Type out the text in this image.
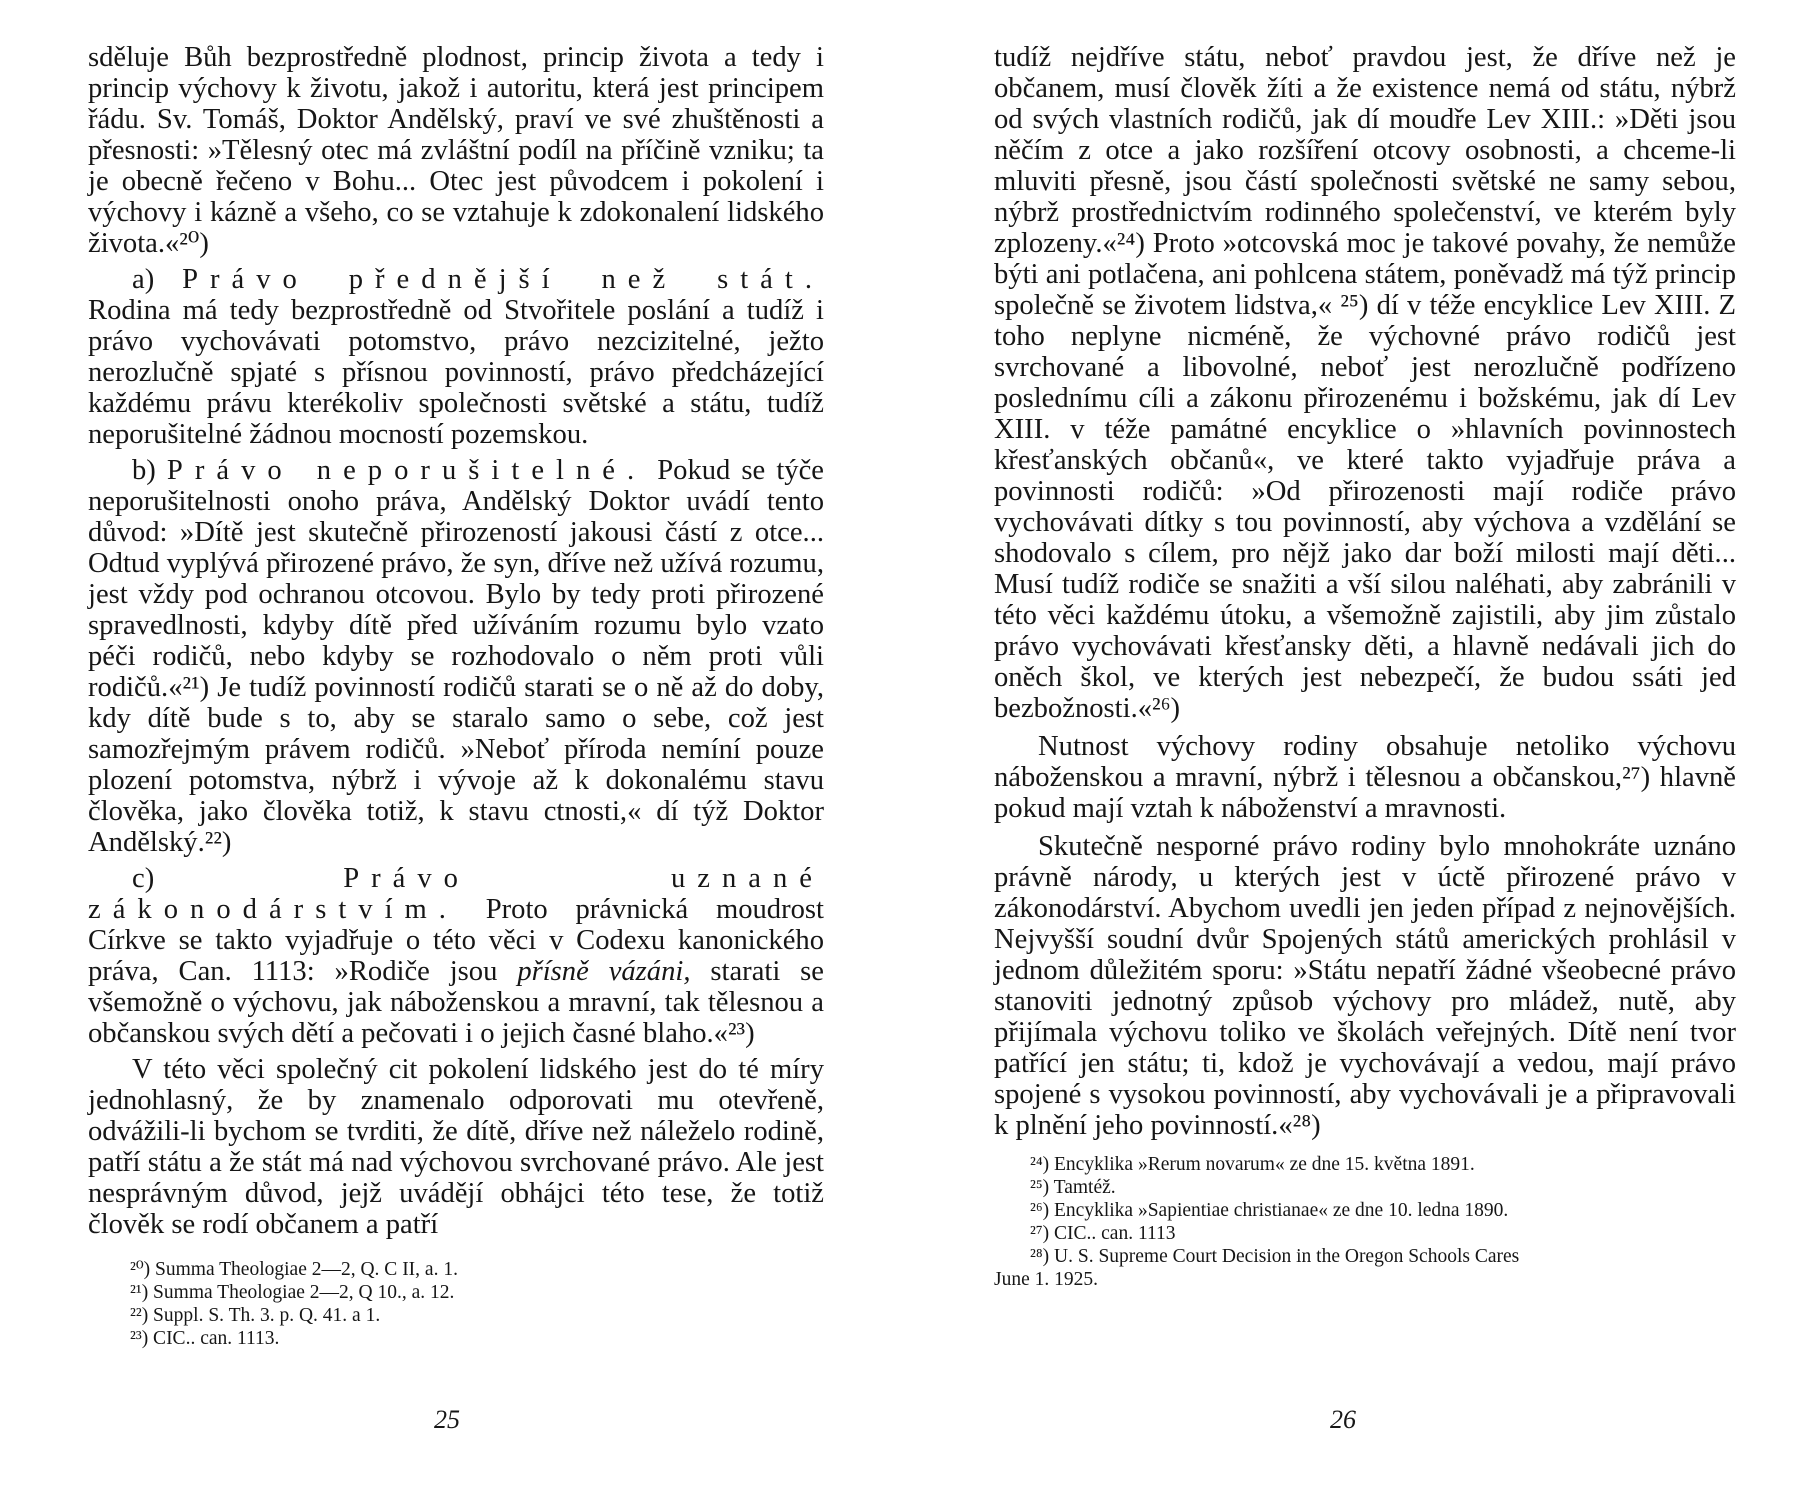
sděluje Bůh bezprostředně plodnost, princip života a tedy i princip výchovy k životu, jakož i autoritu, která jest principem řádu. Sv. Tomáš, Doktor Andělský, praví ve své zhuštěnosti a přesnosti: »Tělesný otec má zvláštní podíl na příčině vzniku; ta je obecně řečeno v Bohu... Otec jest původcem i pokolení i výchovy i kázně a všeho, co se vztahuje k zdokonalení lidského života.«²⁰)

a) Právo přednější než stát. Rodina má tedy bezprostředně od Stvořitele poslání a tudíž i právo vychovávati potomstvo, právo nezcizitelné, ježto nerozlučně spjaté s přísnou povinností, právo předcházející každému právu kterékoliv společnosti světské a státu, tudíž neporušitelné žádnou mocností pozemskou.

b) Právo neporušitelné. Pokud se týče neporušitelnosti onoho práva, Andělský Doktor uvádí tento důvod: »Dítě jest skutečně přirozeností jakousi částí z otce... Odtud vyplývá přirozené právo, že syn, dříve než užívá rozumu, jest vždy pod ochranou otcovou. Bylo by tedy proti přirozené spravedlnosti, kdyby dítě před užíváním rozumu bylo vzato péči rodičů, nebo kdyby se rozhodovalo o něm proti vůli rodičů.«²¹) Je tudíž povinností rodičů starati se o ně až do doby, kdy dítě bude s to, aby se staralo samo o sebe, což jest samozřejmým právem rodičů. »Neboť příroda nemíní pouze plození potomstva, nýbrž i vývoje až k dokonalému stavu člověka, jako člověka totiž, k stavu ctnosti,« dí týž Doktor Andělský.²²)

c)	Právo uznané zákonodárstvím. Proto právnická moudrost Církve se takto vyjadřuje o této věci v Codexu kanonického práva, Can. 1113: »Rodiče jsou přísně vázáni, starati se všemožně o výchovu, jak náboženskou a mravní, tak tělesnou a občanskou svých dětí a pečovati i o jejich časné blaho.«²³)

V této věci společný cit pokolení lidského jest do té míry jednohlasný, že by znamenalo odporovati mu otevřeně, odvážili-li bychom se tvrditi, že dítě, dříve než náleželo rodině, patří státu a že stát má nad výchovou svrchované právo. Ale jest nesprávným důvod, jejž uvádějí obhájci této tese, že totiž člověk se rodí občanem a patří

²⁰) Summa Theologiae 2—2, Q. C II, a. 1.
²¹) Summa Theologiae 2—2, Q 10., a. 12.
²²) Suppl. S. Th. 3. p. Q. 41. a 1.
²³) CIC.. can. 1113.

tudíž nejdříve státu, neboť pravdou jest, že dříve než je občanem, musí člověk žíti a že existence nemá od státu, nýbrž od svých vlastních rodičů, jak dí moudře Lev XIII.: »Děti jsou něčím z otce a jako rozšíření otcovy osobnosti, a chceme-li mluviti přesně, jsou částí společnosti světské ne samy sebou, nýbrž prostřednictvím rodinného společenství, ve kterém byly zplozeny.«²⁴) Proto »otcovská moc je takové povahy, že nemůže býti ani potlačena, ani pohlcena státem, poněvadž má týž princip společně se životem lidstva,« ²⁵) dí v téže encyklice Lev XIII. Z toho neplyne nicméně, že výchovné právo rodičů jest svrchované a libovolné, neboť jest nerozlučně podřízeno poslednímu cíli a zákonu přirozenému i božskému, jak dí Lev XIII. v téže památné encyklice o »hlavních povinnostech křesťanských občanů«, ve které takto vyjadřuje práva a povinnosti rodičů: »Od přirozenosti mají rodiče právo vychovávati dítky s tou povinností, aby výchova a vzdělání se shodovalo s cílem, pro nějž jako dar boží milosti mají děti... Musí tudíž rodiče se snažiti a vší silou naléhati, aby zabránili v této věci každému útoku, a všemožně zajistili, aby jim zůstalo právo vychovávati křesťansky děti, a hlavně nedávali jich do oněch škol, ve kterých jest nebezpečí, že budou ssáti jed bezbožnosti.«²⁶)

Nutnost výchovy rodiny obsahuje netoliko výchovu náboženskou a mravní, nýbrž i tělesnou a občanskou,²⁷) hlavně pokud mají vztah k náboženství a mravnosti.

Skutečně nesporné právo rodiny bylo mnohokráte uznáno právně národy, u kterých jest v úctě přirozené právo v zákonodárství. Abychom uvedli jen jeden případ z nejnovějších. Nejvyšší soudní dvůr Spojených států amerických prohlásil v jednom důležitém sporu: »Státu nepatří žádné všeobecné právo stanoviti jednotný způsob výchovy pro mládež, nutě, aby přijímala výchovu toliko ve školách veřejných. Dítě není tvor patřící jen státu; ti, kdož je vychovávají a vedou, mají právo spojené s vysokou povinností, aby vychovávali je a připravovali k plnění jeho povinností.«²⁸)

²⁴) Encyklika »Rerum novarum« ze dne 15. května 1891.
²⁵) Tamtéž.
²⁶) Encyklika »Sapientiae christianae« ze dne 10. ledna 1890.
²⁷) CIC.. can. 1113
²⁸) U. S. Supreme Court Decision in the Oregon Schools Cares
June 1. 1925.
25	26
